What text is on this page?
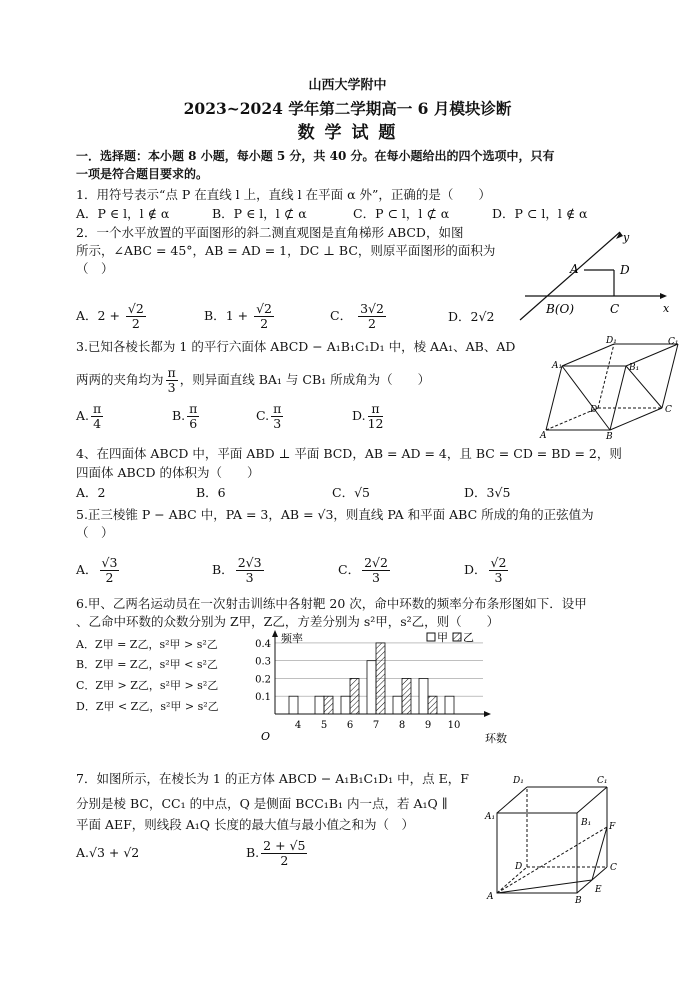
山西大学附中
2023~2024 学年第二学期高一 6 月模块诊断
数 学 试 题
一．选择题：本小题 8 小题，每小题 5 分，共 40 分。在每小题给出的四个选项中，只有
一项是符合题目要求的。
1．用符号表示“点 P 在直线 l 上，直线 l 在平面 α 外”，正确的是（　　）
A．P ∈ l，l ∉ α	B．P ∈ l，l ⊄ α	C．P ⊂ l，l ⊄ α	D．P ⊂ l，l ∉ α
2．一个水平放置的平面图形的斜二测直观图是直角梯形 ABCD，如图
所示，∠ABC = 45°，AB = AD = 1，DC ⊥ BC，则原平面图形的面积为
（　）
A．$2 + \frac{√2}{2}$	B．$1 + \frac{√2}{2}$	C． $\frac{3√2}{2}$	D．2√2
y
x
A	D
B(O)	C
3.已知各棱长都为 1 的平行六面体 ABCD − A₁B₁C₁D₁ 中，棱 AA₁、AB、AD
两两的夹角均为 $\frac{\pi}{3}$ ，则异面直线 BA₁ 与 CB₁ 所成角为（　　）
A. $\frac{\pi}{4}$	B. $\frac{\pi}{6}$	C. $\frac{\pi}{3}$	D. $\frac{\pi}{12}$
A	B
C
D
A₁	B₁
C₁
D₁
4、在四面体 ABCD 中，平面 ABD ⊥ 平面 BCD，AB = AD = 4，且 BC = CD = BD = 2，则
四面体 ABCD 的体积为（　　）
A．2	B．6	C．√5	D．3√5
5.正三棱锥 P − ABC 中，PA = 3，AB = √3，则直线 PA 和平面 ABC 所成的角的正弦值为
（　）
A． $\frac{√3}{2}$	B． $\frac{2√3}{3}$	C． $\frac{2√2}{3}$	D． $\frac{√2}{3}$
6.甲、乙两名运动员在一次射击训练中各射靶 20 次，命中环数的频率分布条形图如下．设甲
、乙命中环数的众数分别为 Z甲，Z乙，方差分别为 s²甲，s²乙，则（　　）
A．Z甲 = Z乙，s²甲 > s²乙
B．Z甲 = Z乙，s²甲 < s²乙
C．Z甲 > Z乙，s²甲 > s²乙
D．Z甲 < Z乙，s²甲 > s²乙
频率
环数
O
甲 乙
0.1
0.2
0.3
0.4
4 5 6 7 8 9 10
7．如图所示，在棱长为 1 的正方体 ABCD − A₁B₁C₁D₁ 中，点 E，F
分别是棱 BC，CC₁ 的中点，Q 是侧面 BCC₁B₁ 内一点，若 A₁Q ∥
平面 AEF，则线段 A₁Q 长度的最大值与最小值之和为（　）
A.√3 + √2	B. $\frac{2 + √5}{2}$
A	B
C
D
A₁
B₁
C₁
D₁
E
F
